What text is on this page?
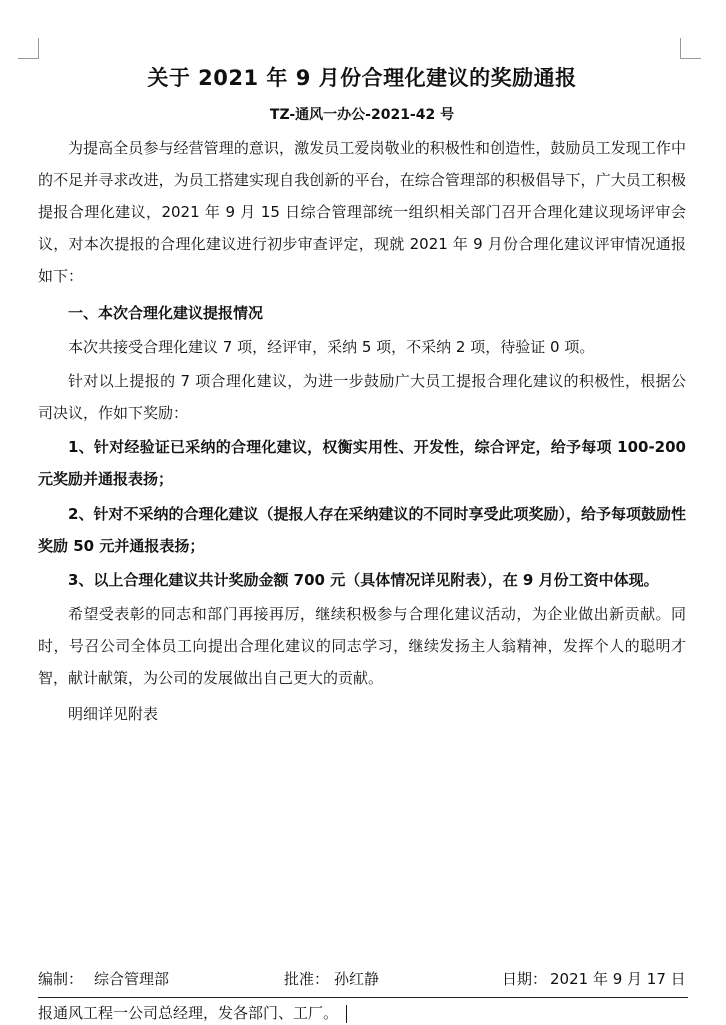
关于 2021 年 9 月份合理化建议的奖励通报
TZ-通风一办公-2021-42 号
为提高全员参与经营管理的意识，激发员工爱岗敬业的积极性和创造性，鼓励员工发现工作中的不足并寻求改进，为员工搭建实现自我创新的平台，在综合管理部的积极倡导下，广大员工积极提报合理化建议，2021 年 9 月 15 日综合管理部统一组织相关部门召开合理化建议现场评审会议，对本次提报的合理化建议进行初步审查评定，现就 2021 年 9 月份合理化建议评审情况通报如下：
一、本次合理化建议提报情况
本次共接受合理化建议 7 项，经评审，采纳 5 项，不采纳 2 项，待验证 0 项。
针对以上提报的 7 项合理化建议，为进一步鼓励广大员工提报合理化建议的积极性，根据公司决议，作如下奖励：
1、针对经验证已采纳的合理化建议，权衡实用性、开发性，综合评定，给予每项 100-200 元奖励并通报表扬；
2、针对不采纳的合理化建议（提报人存在采纳建议的不同时享受此项奖励），给予每项鼓励性奖励 50 元并通报表扬；
3、以上合理化建议共计奖励金额 700 元（具体情况详见附表），在 9 月份工资中体现。
希望受表彰的同志和部门再接再厉，继续积极参与合理化建议活动，为企业做出新贡献。同时，号召公司全体员工向提出合理化建议的同志学习，继续发扬主人翁精神，发挥个人的聪明才智，献计献策，为公司的发展做出自己更大的贡献。
明细详见附表
编制： 综合管理部	批准： 孙红静	日期： 2021 年 9 月 17 日
报通风工程一公司总经理，发各部门、工厂。
